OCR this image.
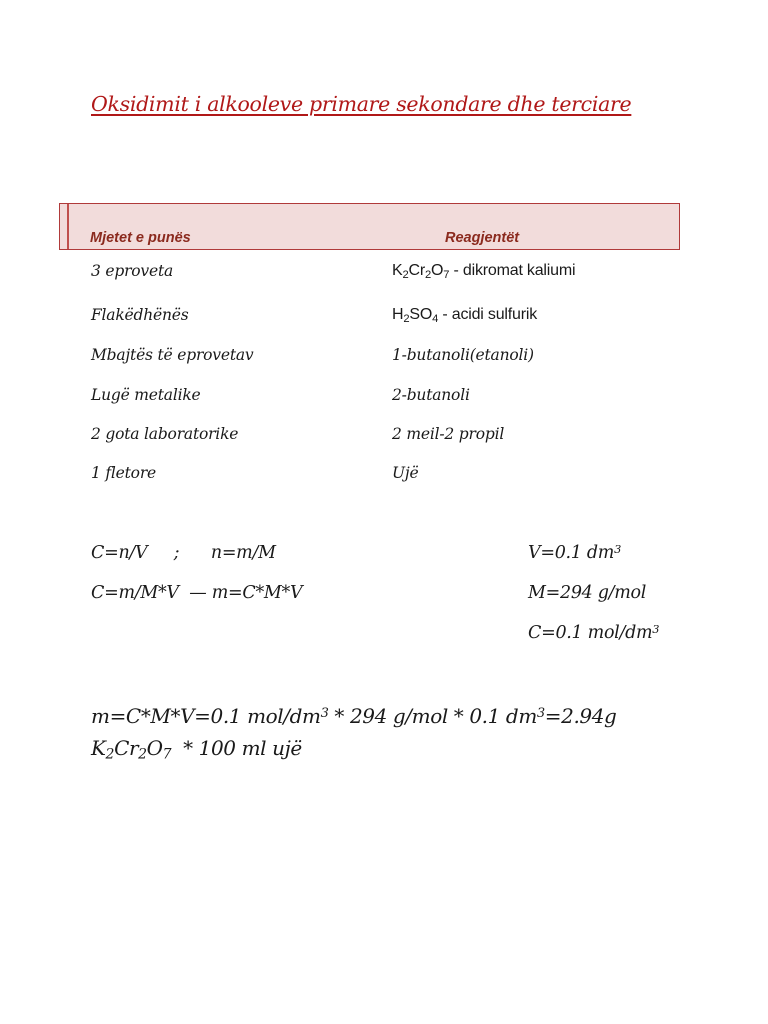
Oksidimit i alkooleve primare sekondare dhe terciare
Mjetet e punës	Reagjentët
3 eproveta	$K_2Cr_2O_7$ - dikromat kaliumi
Flakëdhënës	$H_2SO_4$ - acidi sulfurik
Mbajtës të eprovetav	1-butanoli(etanoli)
Lugë metalike	2-butanoli
2 gota laboratorike	2 meil-2 propil
1 fletore	Ujë
C=n/V     ;      n=m/M
C=m/M*V  — m=C*M*V
V=0.1 $dm^3$
M=294 g/mol
C=0.1 mol/$dm^3$
m=C*M*V=0.1 mol/$dm^3 * 294$ g/mol * 0.1 $dm^3=2.94g$
$K_2Cr_2O_7 * 100$ ml ujë
